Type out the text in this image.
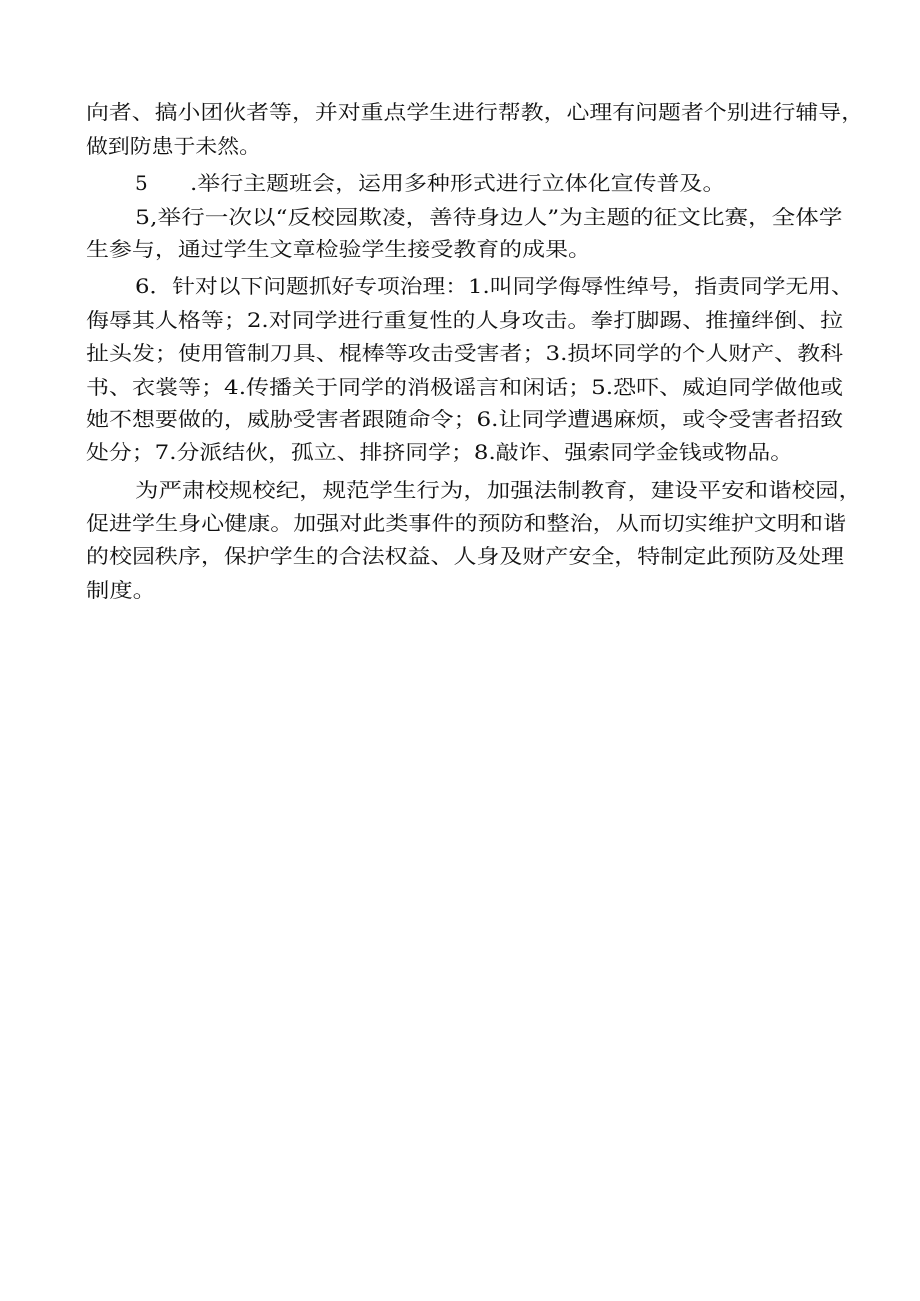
向者、搞小团伙者等，并对重点学生进行帮教，心理有问题者个别进行辅导，
做到防患于未然。
5 .举行主题班会，运用多种形式进行立体化宣传普及。
5,举行一次以“反校园欺凌，善待身边人”为主题的征文比赛，全体学
生参与，通过学生文章检验学生接受教育的成果。
6．针对以下问题抓好专项治理：1.叫同学侮辱性绰号，指责同学无用、
侮辱其人格等；2.对同学进行重复性的人身攻击。拳打脚踢、推撞绊倒、拉
扯头发；使用管制刀具、棍棒等攻击受害者；3.损坏同学的个人财产、教科
书、衣裳等；4.传播关于同学的消极谣言和闲话；5.恐吓、威迫同学做他或
她不想要做的，威胁受害者跟随命令；6.让同学遭遇麻烦，或令受害者招致
处分；7.分派结伙，孤立、排挤同学；8.敲诈、强索同学金钱或物品。
为严肃校规校纪，规范学生行为，加强法制教育，建设平安和谐校园，
促进学生身心健康。加强对此类事件的预防和整治，从而切实维护文明和谐
的校园秩序，保护学生的合法权益、人身及财产安全，特制定此预防及处理
制度。
